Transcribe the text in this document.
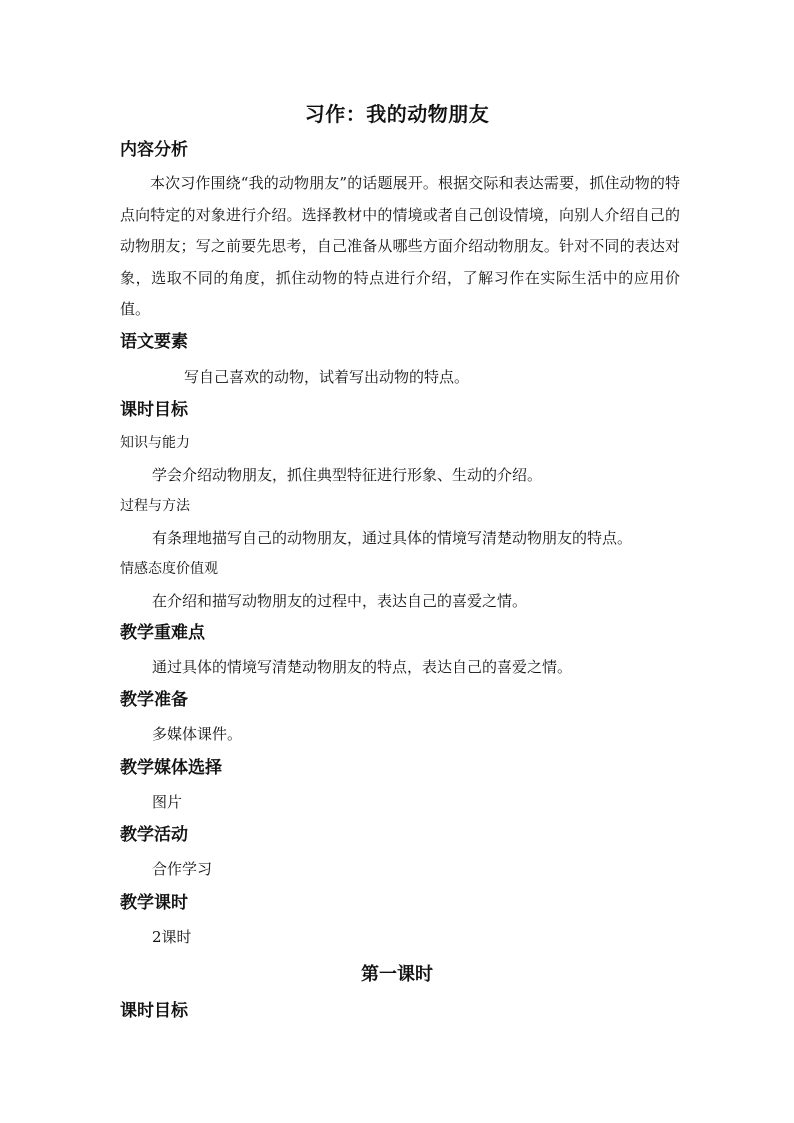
习作：我的动物朋友
内容分析
本次习作围绕“我的动物朋友”的话题展开。根据交际和表达需要，抓住动物的特点向特定的对象进行介绍。选择教材中的情境或者自己创设情境，向别人介绍自己的动物朋友；写之前要先思考，自己准备从哪些方面介绍动物朋友。针对不同的表达对象，选取不同的角度，抓住动物的特点进行介绍，了解习作在实际生活中的应用价值。
语文要素
写自己喜欢的动物，试着写出动物的特点。
课时目标
知识与能力
学会介绍动物朋友，抓住典型特征进行形象、生动的介绍。
过程与方法
有条理地描写自己的动物朋友，通过具体的情境写清楚动物朋友的特点。
情感态度价值观
在介绍和描写动物朋友的过程中，表达自己的喜爱之情。
教学重难点
通过具体的情境写清楚动物朋友的特点，表达自己的喜爱之情。
教学准备
多媒体课件。
教学媒体选择
图片
教学活动
合作学习
教学课时
2课时
第一课时
课时目标
